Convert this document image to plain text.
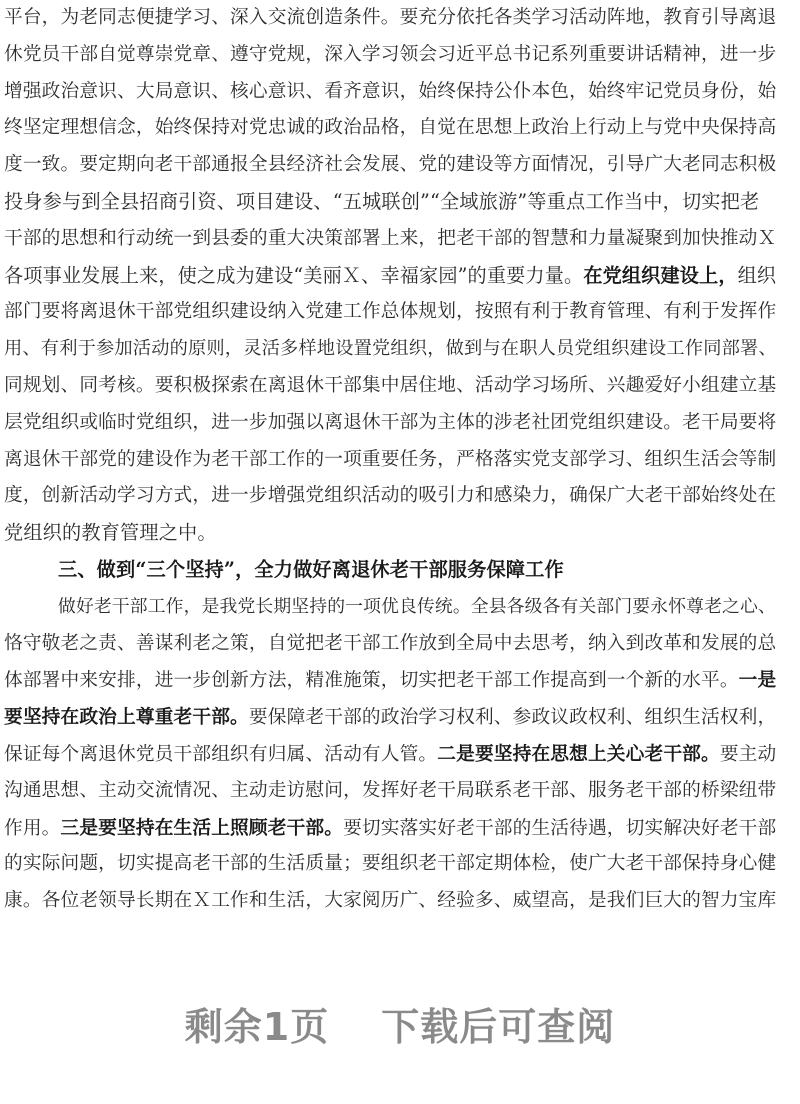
平台，为老同志便捷学习、深入交流创造条件。要充分依托各类学习活动阵地，教育引导离退
休党员干部自觉尊崇党章、遵守党规，深入学习领会习近平总书记系列重要讲话精神，进一步
增强政治意识、大局意识、核心意识、看齐意识，始终保持公仆本色，始终牢记党员身份，始
终坚定理想信念，始终保持对党忠诚的政治品格，自觉在思想上政治上行动上与党中央保持高
度一致。要定期向老干部通报全县经济社会发展、党的建设等方面情况，引导广大老同志积极
投身参与到全县招商引资、项目建设、“五城联创”“全域旅游”等重点工作当中，切实把老
干部的思想和行动统一到县委的重大决策部署上来，把老干部的智慧和力量凝聚到加快推动Ｘ
各项事业发展上来，使之成为建设“美丽Ｘ、幸福家园”的重要力量。在党组织建设上，组织
部门要将离退休干部党组织建设纳入党建工作总体规划，按照有利于教育管理、有利于发挥作
用、有利于参加活动的原则，灵活多样地设置党组织，做到与在职人员党组织建设工作同部署、
同规划、同考核。要积极探索在离退休干部集中居住地、活动学习场所、兴趣爱好小组建立基
层党组织或临时党组织，进一步加强以离退休干部为主体的涉老社团党组织建设。老干局要将
离退休干部党的建设作为老干部工作的一项重要任务，严格落实党支部学习、组织生活会等制
度，创新活动学习方式，进一步增强党组织活动的吸引力和感染力，确保广大老干部始终处在
党组织的教育管理之中。
三、做到“三个坚持”，全力做好离退休老干部服务保障工作
做好老干部工作，是我党长期坚持的一项优良传统。全县各级各有关部门要永怀尊老之心、
恪守敬老之责、善谋利老之策，自觉把老干部工作放到全局中去思考，纳入到改革和发展的总
体部署中来安排，进一步创新方法，精准施策，切实把老干部工作提高到一个新的水平。一是
要坚持在政治上尊重老干部。要保障老干部的政治学习权利、参政议政权利、组织生活权利，
保证每个离退休党员干部组织有归属、活动有人管。二是要坚持在思想上关心老干部。要主动
沟通思想、主动交流情况、主动走访慰问，发挥好老干局联系老干部、服务老干部的桥梁纽带
作用。三是要坚持在生活上照顾老干部。要切实落实好老干部的生活待遇，切实解决好老干部
的实际问题，切实提高老干部的生活质量；要组织老干部定期体检，使广大老干部保持身心健
康。各位老领导长期在Ｘ工作和生活，大家阅历广、经验多、威望高，是我们巨大的智力宝库
剩余1页 下载后可查阅
